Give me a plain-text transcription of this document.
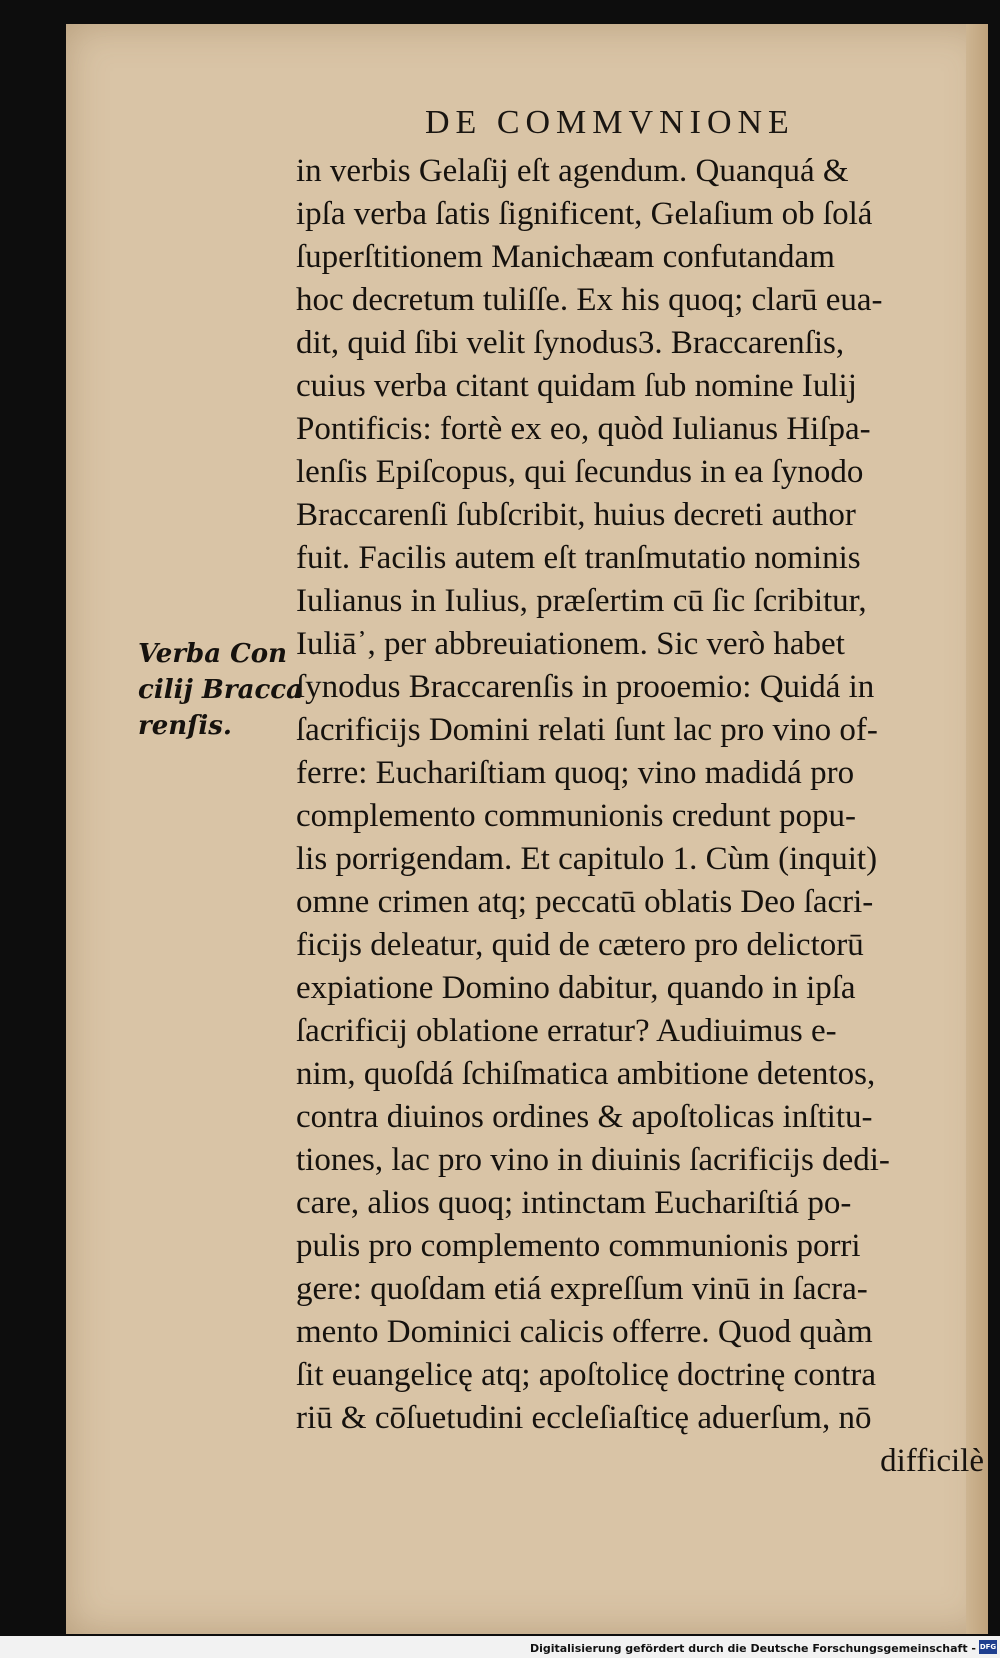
DE COMMVNIONE
Verba Con
cilij Bracca
renſis.
in verbis Gelaſij eſt agendum. Quanquá &
ipſa verba ſatis ſignificent, Gelaſium ob ſolá
ſuperſtitionem Manichæam confutandam
hoc decretum tuliſſe. Ex his quoq; clarū eua-
dit, quid ſibi velit ſynodus3. Braccarenſis,
cuius verba citant quidam ſub nomine Iulij
Pontificis: fortè ex eo, quòd Iulianus Hiſpa-
lenſis Epiſcopus, qui ſecundus in ea ſynodo
Braccarenſi ſubſcribit, huius decreti author
fuit. Facilis autem eſt tranſmutatio nominis
Iulianus in Iulius, præſertim cū ſic ſcribitur,
Iuliā᾽, per abbreuiationem. Sic verò habet
ſynodus Braccarenſis in prooemio: Quidá in
ſacrificijs Domini relati ſunt lac pro vino of-
ferre: Euchariſtiam quoq; vino madidá pro
complemento communionis credunt popu-
lis porrigendam. Et capitulo 1. Cùm (inquit)
omne crimen atq; peccatū oblatis Deo ſacri-
ficijs deleatur, quid de cætero pro delictorū
expiatione Domino dabitur, quando in ipſa
ſacrificij oblatione erratur? Audiuimus e-
nim, quoſdá ſchiſmatica ambitione detentos,
contra diuinos ordines & apoſtolicas inſtitu-
tiones, lac pro vino in diuinis ſacrificijs dedi-
care, alios quoq; intinctam Euchariſtiá po-
pulis pro complemento communionis porri
gere: quoſdam etiá expreſſum vinū in ſacra-
mento Dominici calicis offerre. Quod quàm
ſit euangelicę atq; apoſtolicę doctrinę contra
riū & cōſuetudini eccleſiaſticę aduerſum, nō
difficilè
Digitalisierung gefördert durch die Deutsche Forschungsgemeinschaft - DFG
